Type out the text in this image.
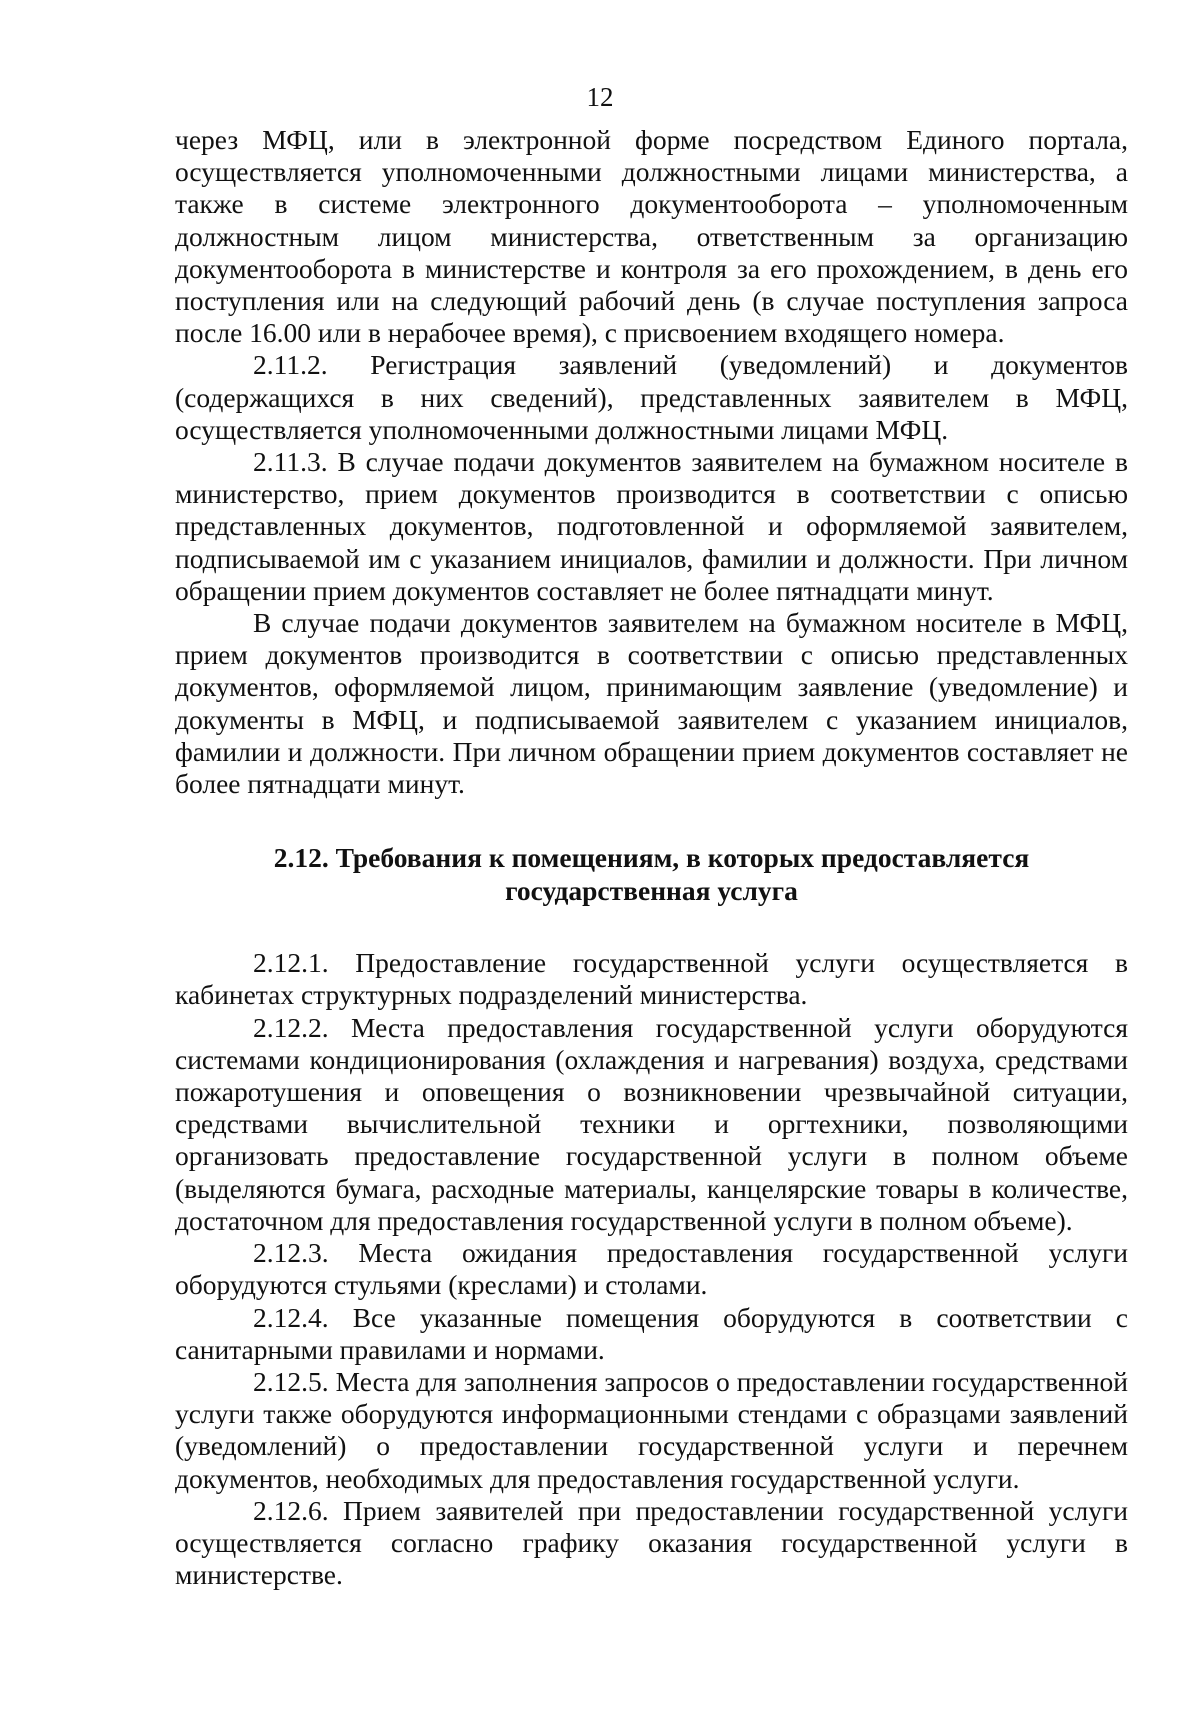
12

через МФЦ, или в электронной форме посредством Единого портала, осуществляется уполномоченными должностными лицами министерства, а также в системе электронного документооборота – уполномоченным должностным лицом министерства, ответственным за организацию документооборота в министерстве и контроля за его прохождением, в день его поступления или на следующий рабочий день (в случае поступления запроса после 16.00 или в нерабочее время), с присвоением входящего номера.

2.11.2. Регистрация заявлений (уведомлений) и документов (содержащихся в них сведений), представленных заявителем в МФЦ, осуществляется уполномоченными должностными лицами МФЦ.

2.11.3. В случае подачи документов заявителем на бумажном носителе в министерство, прием документов производится в соответствии с описью представленных документов, подготовленной и оформляемой заявителем, подписываемой им с указанием инициалов, фамилии и должности. При личном обращении прием документов составляет не более пятнадцати минут.

В случае подачи документов заявителем на бумажном носителе в МФЦ, прием документов производится в соответствии с описью представленных документов, оформляемой лицом, принимающим заявление (уведомление) и документы в МФЦ, и подписываемой заявителем с указанием инициалов, фамилии и должности. При личном обращении прием документов составляет не более пятнадцати минут.

2.12. Требования к помещениям, в которых предоставляется
государственная услуга

2.12.1. Предоставление государственной услуги осуществляется в кабинетах структурных подразделений министерства.

2.12.2. Места предоставления государственной услуги оборудуются системами кондиционирования (охлаждения и нагревания) воздуха, средствами пожаротушения и оповещения о возникновении чрезвычайной ситуации, средствами вычислительной техники и оргтехники, позволяющими организовать предоставление государственной услуги в полном объеме (выделяются бумага, расходные материалы, канцелярские товары в количестве, достаточном для предоставления государственной услуги в полном объеме).

2.12.3. Места ожидания предоставления государственной услуги оборудуются стульями (креслами) и столами.

2.12.4. Все указанные помещения оборудуются в соответствии с санитарными правилами и нормами.

2.12.5. Места для заполнения запросов о предоставлении государственной услуги также оборудуются информационными стендами с образцами заявлений (уведомлений) о предоставлении государственной услуги и перечнем документов, необходимых для предоставления государственной услуги.

2.12.6. Прием заявителей при предоставлении государственной услуги осуществляется согласно графику оказания государственной услуги в министерстве.
